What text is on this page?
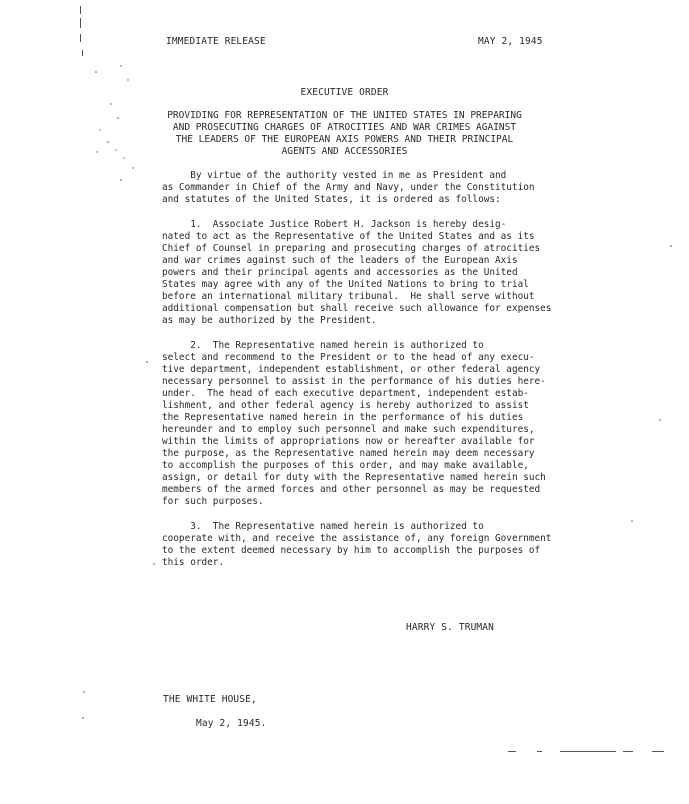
IMMEDIATE RELEASE	MAY 2, 1945
EXECUTIVE ORDER
PROVIDING FOR REPRESENTATION OF THE UNITED STATES IN PREPARING
AND PROSECUTING CHARGES OF ATROCITIES AND WAR CRIMES AGAINST
THE LEADERS OF THE EUROPEAN AXIS POWERS AND THEIR PRINCIPAL
AGENTS AND ACCESSORIES
By virtue of the authority vested in me as President and
as Commander in Chief of the Army and Navy, under the Constitution
and statutes of the United States, it is ordered as follows:
1.  Associate Justice Robert H. Jackson is hereby desig-
nated to act as the Representative of the United States and as its
Chief of Counsel in preparing and prosecuting charges of atrocities
and war crimes against such of the leaders of the European Axis
powers and their principal agents and accessories as the United
States may agree with any of the United Nations to bring to trial
before an international military tribunal.  He shall serve without
additional compensation but shall receive such allowance for expenses
as may be authorized by the President.
2.  The Representative named herein is authorized to
select and recommend to the President or to the head of any execu-
tive department, independent establishment, or other federal agency
necessary personnel to assist in the performance of his duties here-
under.  The head of each executive department, independent estab-
lishment, and other federal agency is hereby authorized to assist
the Representative named herein in the performance of his duties
hereunder and to employ such personnel and make such expenditures,
within the limits of appropriations now or hereafter available for
the purpose, as the Representative named herein may deem necessary
to accomplish the purposes of this order, and may make available,
assign, or detail for duty with the Representative named herein such
members of the armed forces and other personnel as may be requested
for such purposes.
3.  The Representative named herein is authorized to
cooperate with, and receive the assistance of, any foreign Government
to the extent deemed necessary by him to accomplish the purposes of
this order.
HARRY S. TRUMAN
THE WHITE HOUSE,
May 2, 1945.
